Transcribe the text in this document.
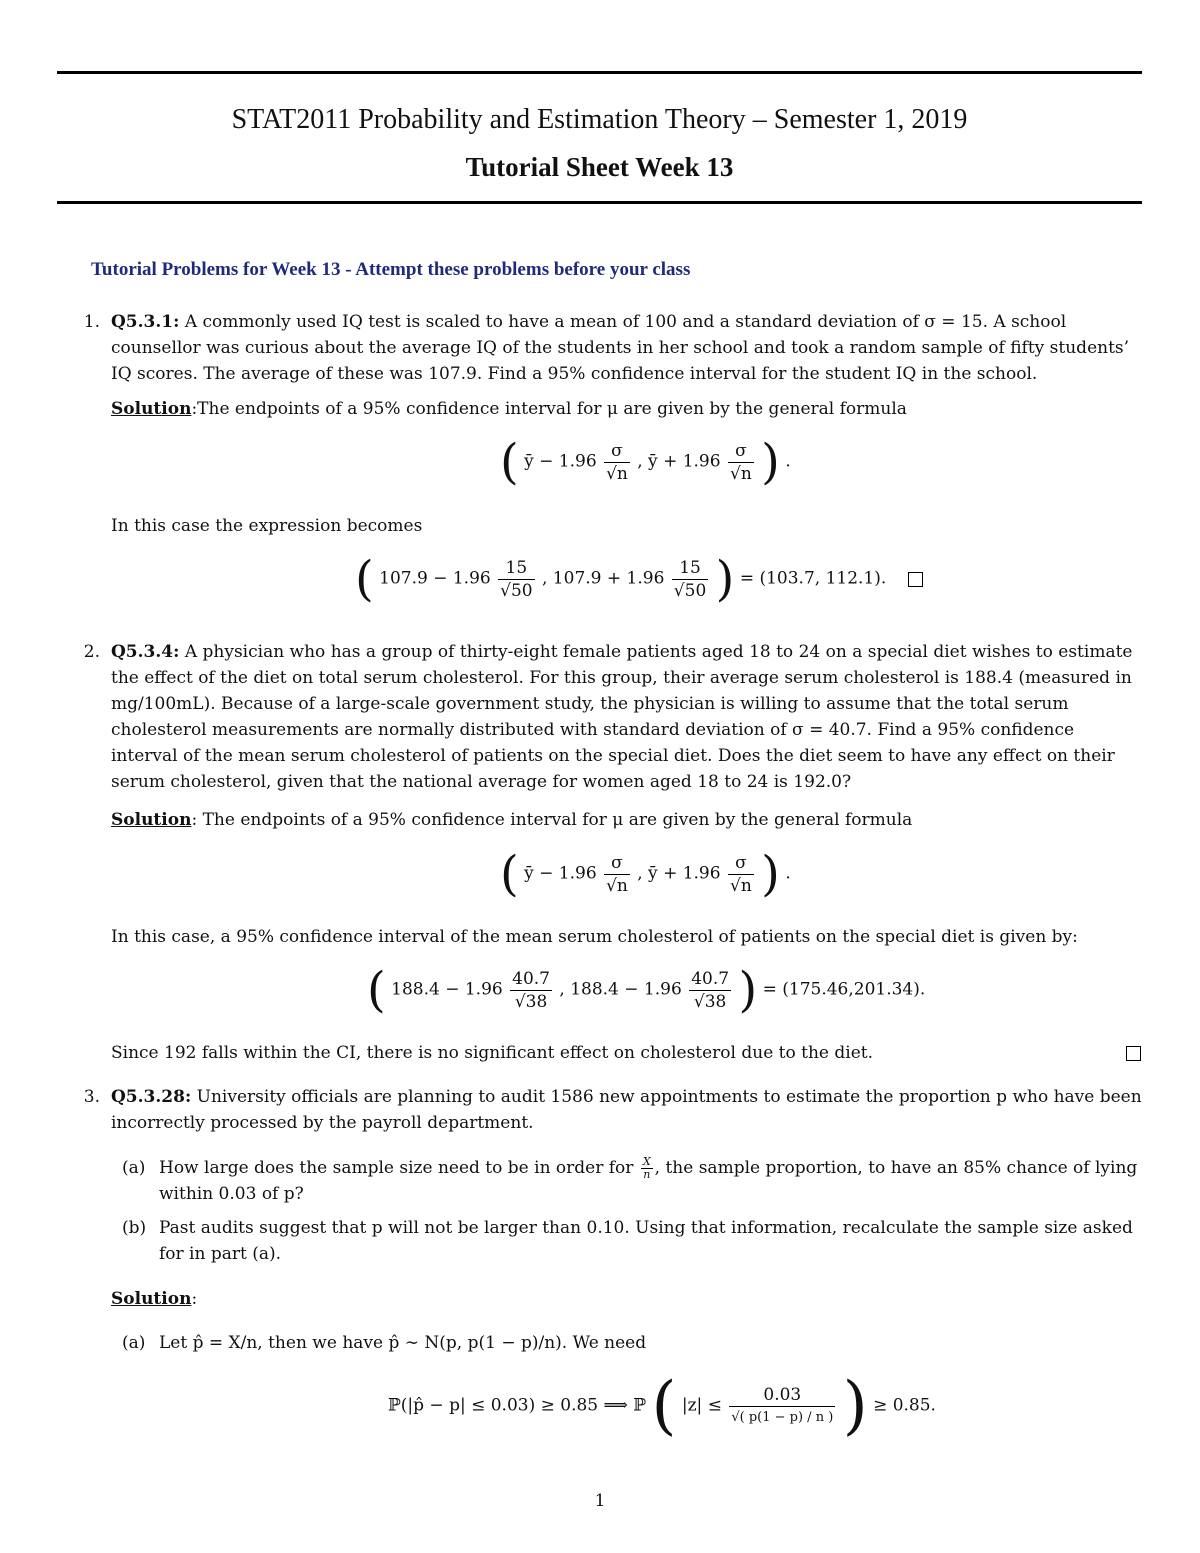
STAT2011 Probability and Estimation Theory – Semester 1, 2019
Tutorial Sheet Week 13
Tutorial Problems for Week 13 - Attempt these problems before your class
1. Q5.3.1: A commonly used IQ test is scaled to have a mean of 100 and a standard deviation of σ = 15. A school counsellor was curious about the average IQ of the students in her school and took a random sample of fifty students’ IQ scores. The average of these was 107.9. Find a 95% confidence interval for the student IQ in the school.
Solution:The endpoints of a 95% confidence interval for μ are given by the general formula
( ȳ − $1.96 \frac{\sigma}{√n}$ , ȳ + $1.96 \frac{\sigma}{√n}$ ) .
In this case the expression becomes
( $107.9 - 1.96 \frac{15}{√50}$ , $107.9 + 1.96 \frac{15}{√50}$ ) = (103.7, 112.1).
2. Q5.3.4: A physician who has a group of thirty-eight female patients aged 18 to 24 on a special diet wishes to estimate the effect of the diet on total serum cholesterol. For this group, their average serum cholesterol is 188.4 (measured in mg/100mL). Because of a large-scale government study, the physician is willing to assume that the total serum cholesterol measurements are normally distributed with standard deviation of σ = 40.7. Find a 95% confidence interval of the mean serum cholesterol of patients on the special diet. Does the diet seem to have any effect on their serum cholesterol, given that the national average for women aged 18 to 24 is 192.0?
Solution: The endpoints of a 95% confidence interval for μ are given by the general formula
( ȳ − $1.96 \frac{\sigma}{√n}$ , ȳ + $1.96 \frac{\sigma}{√n}$ ) .
In this case, a 95% confidence interval of the mean serum cholesterol of patients on the special diet is given by:
( $188.4 - 1.96 \frac{40.7}{√38}$ , $188.4 - 1.96 \frac{40.7}{√38}$ ) = (175.46,201.34).
Since 192 falls within the CI, there is no significant effect on cholesterol due to the diet.
3. Q5.3.28: University officials are planning to audit 1586 new appointments to estimate the proportion p who have been incorrectly processed by the payroll department.
(a) How large does the sample size need to be in order for $\frac{X}{n}$ , the sample proportion, to have an 85% chance of lying within 0.03 of p?
(b) Past audits suggest that p will not be larger than 0.10. Using that information, recalculate the sample size asked for in part (a).
Solution:
(a) Let p̂ = X/n, then we have p̂ ∼ N(p, p(1 − p)/n). We need
ℙ(|p̂ − p| ≤ 0.03) ≥ 0.85 ⟹ ℙ ( $|z| \le \frac{0.03}{√( p(1 - p) / n )}$ ) ≥ 0.85.
1
